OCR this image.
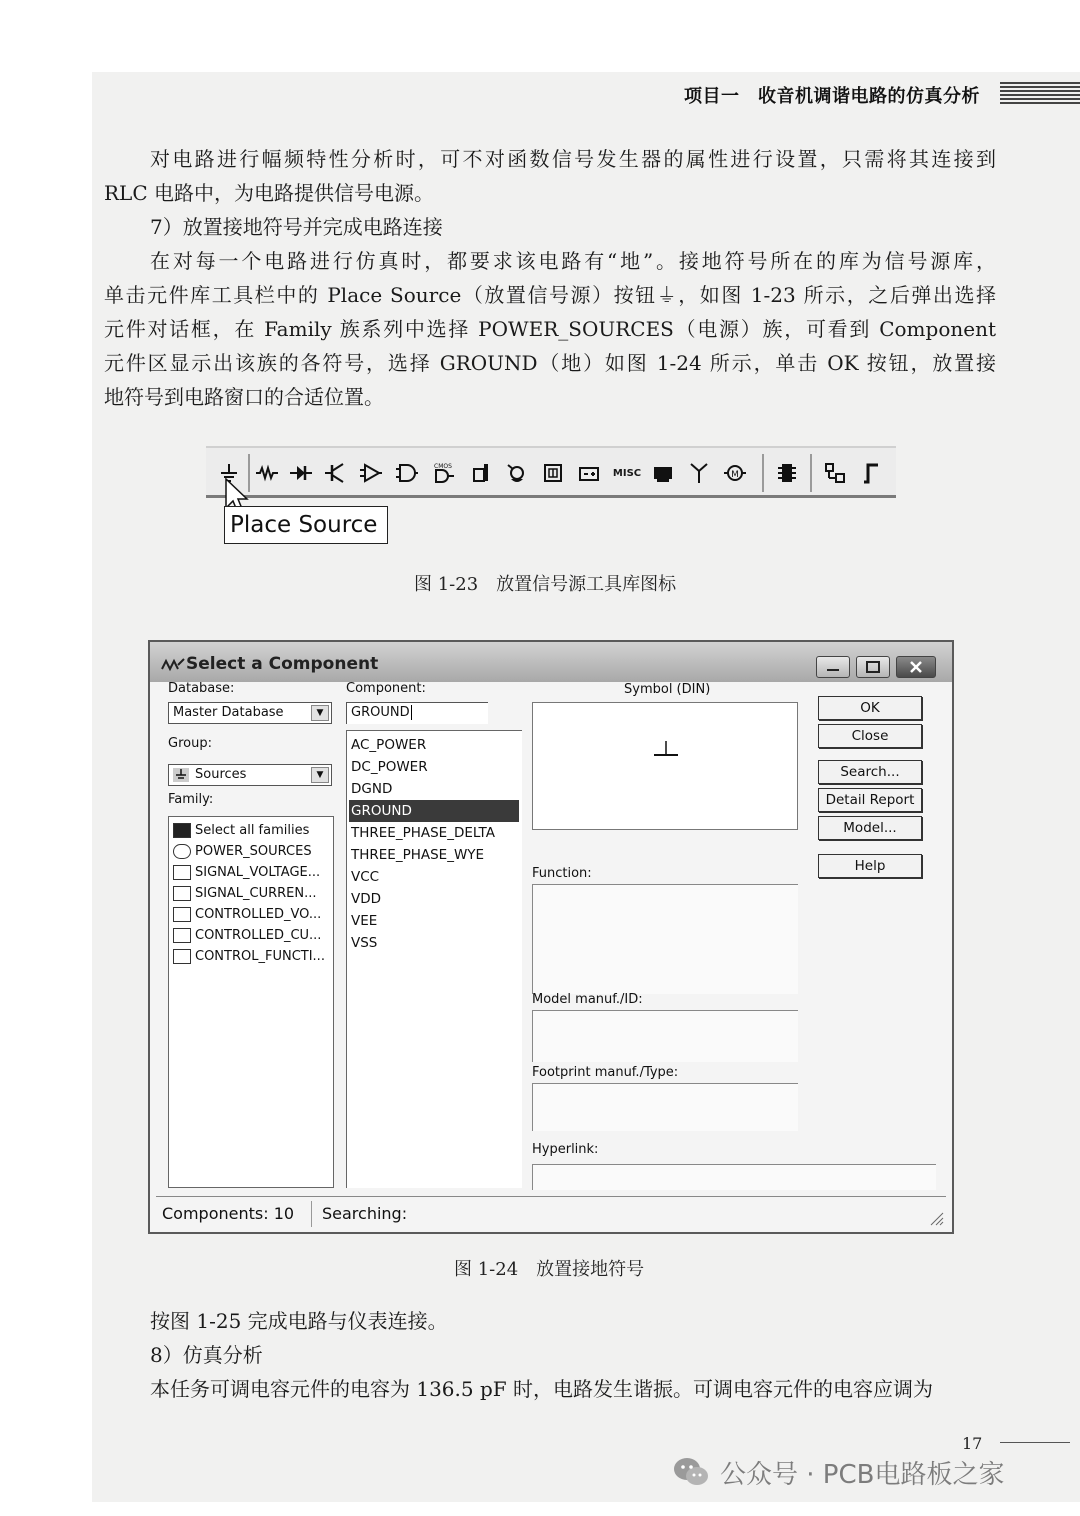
项目一　收音机调谐电路的仿真分析
对电路进行幅频特性分析时，可不对函数信号发生器的属性进行设置，只需将其连接到
RLC 电路中，为电路提供信号电源。
7）放置接地符号并完成电路连接
在对每一个电路进行仿真时，都要求该电路有“地”。接地符号所在的库为信号源库，
单击元件库工具栏中的 Place Source（放置信号源）按钮⏚，如图 1-23 所示，之后弹出选择
元件对话框，在 Family 族系列中选择 POWER_SOURCES（电源）族，可看到 Component
元件区显示出该族的各符号，选择 GROUND（地）如图 1-24 所示，单击 OK 按钮，放置接
地符号到电路窗口的合适位置。
CMOS
MISC	M
Place Source
图 1-23　放置信号源工具库图标
Select a Component
Database:
Master Database	▼
Group:
Sources	▼
Family:
Select all families
POWER_SOURCES
SIGNAL_VOLTAGE...
SIGNAL_CURREN...
CONTROLLED_VO...
CONTROLLED_CU...
CONTROL_FUNCTI...
Component:
GROUND
AC_POWER
DC_POWER
DGND
GROUND
THREE_PHASE_DELTA
THREE_PHASE_WYE
VCC
VDD
VEE
VSS
Symbol (DIN)
Function:
Model manuf./ID:
Footprint manuf./Type:
Hyperlink:
OK
Close
Search...
Detail Report
Model...
Help
Components: 10	Searching:
图 1-24　放置接地符号
按图 1-25 完成电路与仪表连接。
8）仿真分析
本任务可调电容元件的电容为 136.5 pF 时，电路发生谐振。可调电容元件的电容应调为
17
公众号 · PCB电路板之家
